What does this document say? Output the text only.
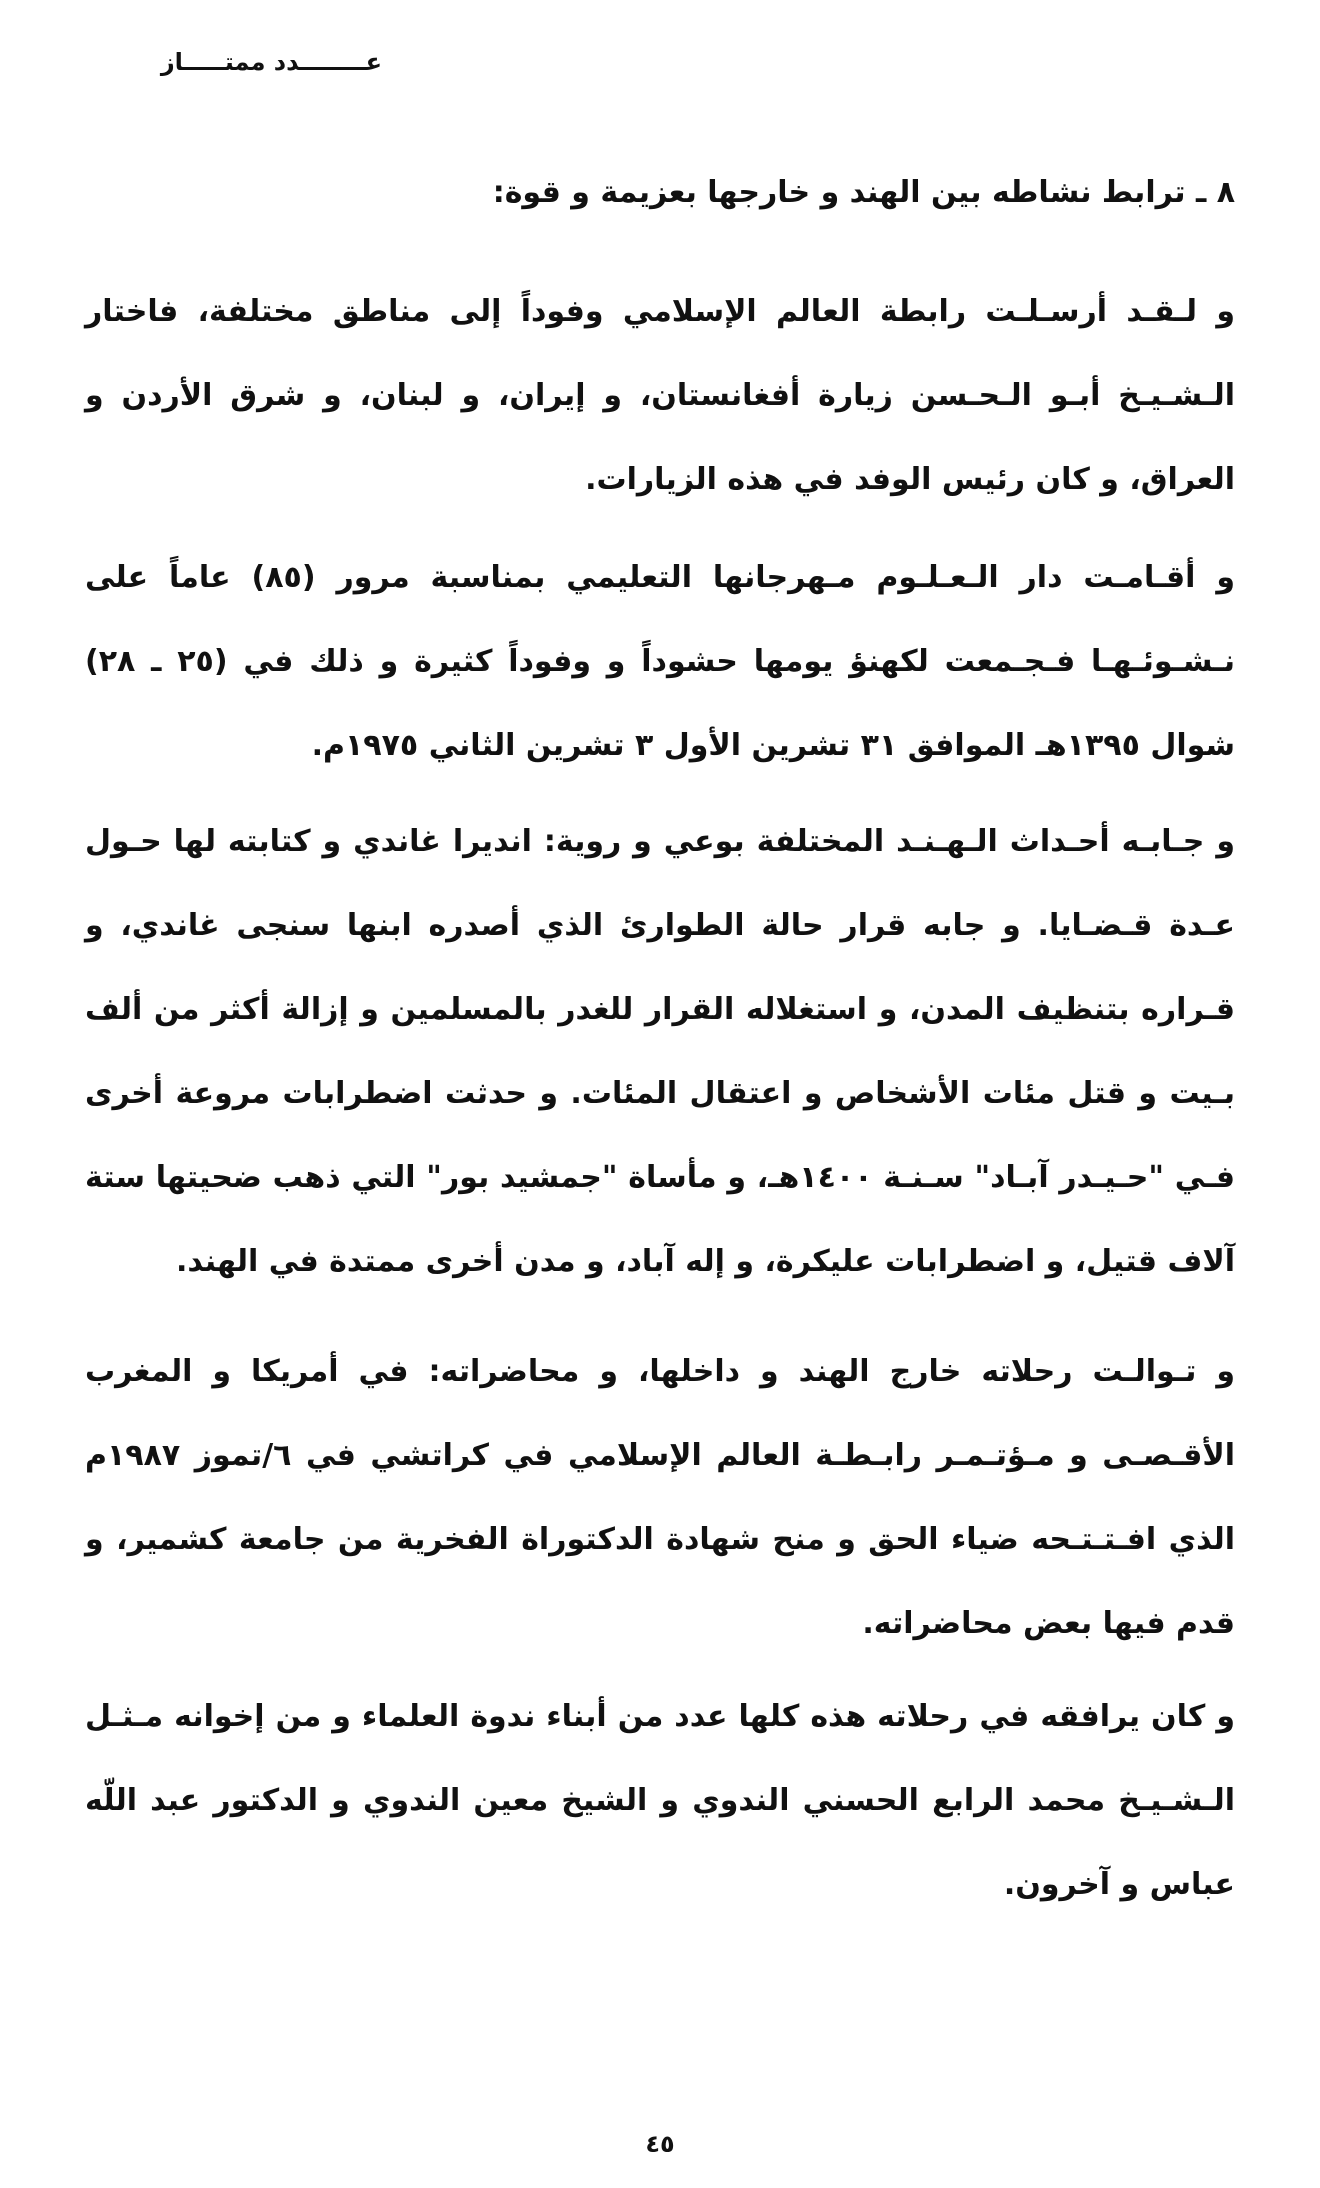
عــــــــدد ممتـــــاز
٨ ـ ترابط نشاطه بين الهند و خارجها بعزيمة و قوة:

و لـقـد أرسـلـت رابطة العالم الإسلامي وفوداً إلى مناطق مختلفة، فاختار الـشـيـخ أبـو الـحـسن زيارة أفغانستان، و إيران، و لبنان، و شرق الأردن و العراق، و كان رئيس الوفد في هذه الزيارات.

و أقـامـت دار الـعـلـوم مـهرجانها التعليمي بمناسبة مرور (٨٥) عاماً على نـشـوئـهـا فـجـمعت لكهنؤ يومها حشوداً و وفوداً كثيرة و ذلك في (٢٥ ـ ٢٨) شوال ١٣٩٥هـ الموافق ٣١ تشرين الأول ٣ تشرين الثاني ١٩٧٥م.

و جـابـه أحـداث الـهـنـد المختلفة بوعي و روية: انديرا غاندي و كتابته لها حـول عـدة قـضـايا. و جابه قرار حالة الطوارئ الذي أصدره ابنها سنجى غاندي، و قـراره بتنظيف المدن، و استغلاله القرار للغدر بالمسلمين و إزالة أكثر من ألف بـيت و قتل مئات الأشخاص و اعتقال المئات. و حدثت اضطرابات مروعة أخرى فـي "حـيـدر آبـاد" سـنـة ١٤٠٠هـ، و مأساة "جمشيد بور" التي ذهب ضحيتها ستة آلاف قتيل، و اضطرابات عليكرة، و إله آباد، و مدن أخرى ممتدة في الهند.

و تـوالـت رحلاته خارج الهند و داخلها، و محاضراته: في أمريكا و المغرب الأقـصـى و مـؤتـمـر رابـطـة العالم الإسلامي في كراتشي في ٦/تموز ١٩٨٧م الذي افـتـتـحه ضياء الحق و منح شهادة الدكتوراة الفخرية من جامعة كشمير، و قدم فيها بعض محاضراته.

و كان يرافقه في رحلاته هذه كلها عدد من أبناء ندوة العلماء و من إخوانه مـثـل الـشـيـخ محمد الرابع الحسني الندوي و الشيخ معين الندوي و الدكتور عبد اللّه عباس و آخرون.

٤٥
